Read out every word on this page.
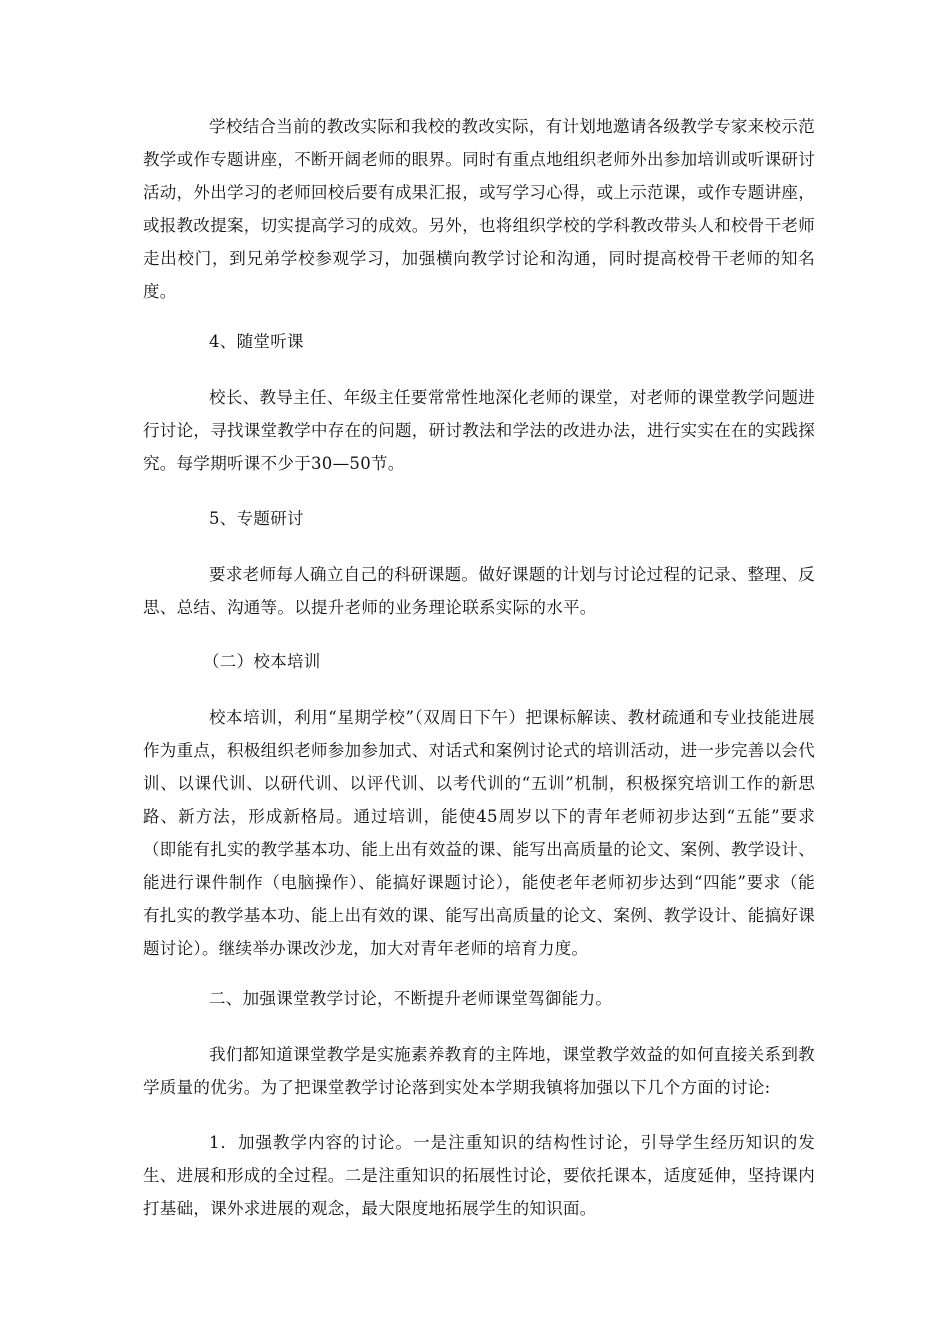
学校结合当前的教改实际和我校的教改实际，有计划地邀请各级教学专家来校示范教学或作专题讲座，不断开阔老师的眼界。同时有重点地组织老师外出参加培训或听课研讨活动，外出学习的老师回校后要有成果汇报，或写学习心得，或上示范课，或作专题讲座，或报教改提案，切实提高学习的成效。另外，也将组织学校的学科教改带头人和校骨干老师走出校门，到兄弟学校参观学习，加强横向教学讨论和沟通，同时提高校骨干老师的知名度。

4、随堂听课

校长、教导主任、年级主任要常常性地深化老师的课堂，对老师的课堂教学问题进行讨论，寻找课堂教学中存在的问题，研讨教法和学法的改进办法，进行实实在在的实践探究。每学期听课不少于30—50节。

5、专题研讨

要求老师每人确立自己的科研课题。做好课题的计划与讨论过程的记录、整理、反思、总结、沟通等。以提升老师的业务理论联系实际的水平。

（二）校本培训

校本培训，利用“星期学校”（双周日下午）把课标解读、教材疏通和专业技能进展作为重点，积极组织老师参加参加式、对话式和案例讨论式的培训活动，进一步完善以会代训、以课代训、以研代训、以评代训、以考代训的“五训”机制，积极探究培训工作的新思路、新方法，形成新格局。通过培训，能使45周岁以下的青年老师初步达到“五能”要求（即能有扎实的教学基本功、能上出有效益的课、能写出高质量的论文、案例、教学设计、能进行课件制作（电脑操作）、能搞好课题讨论），能使老年老师初步达到“四能”要求（能有扎实的教学基本功、能上出有效的课、能写出高质量的论文、案例、教学设计、能搞好课题讨论）。继续举办课改沙龙，加大对青年老师的培育力度。

二、加强课堂教学讨论，不断提升老师课堂驾御能力。

我们都知道课堂教学是实施素养教育的主阵地，课堂教学效益的如何直接关系到教学质量的优劣。为了把课堂教学讨论落到实处本学期我镇将加强以下几个方面的讨论:

1．加强教学内容的讨论。一是注重知识的结构性讨论，引导学生经历知识的发生、进展和形成的全过程。二是注重知识的拓展性讨论，要依托课本，适度延伸，坚持课内打基础，课外求进展的观念，最大限度地拓展学生的知识面。
